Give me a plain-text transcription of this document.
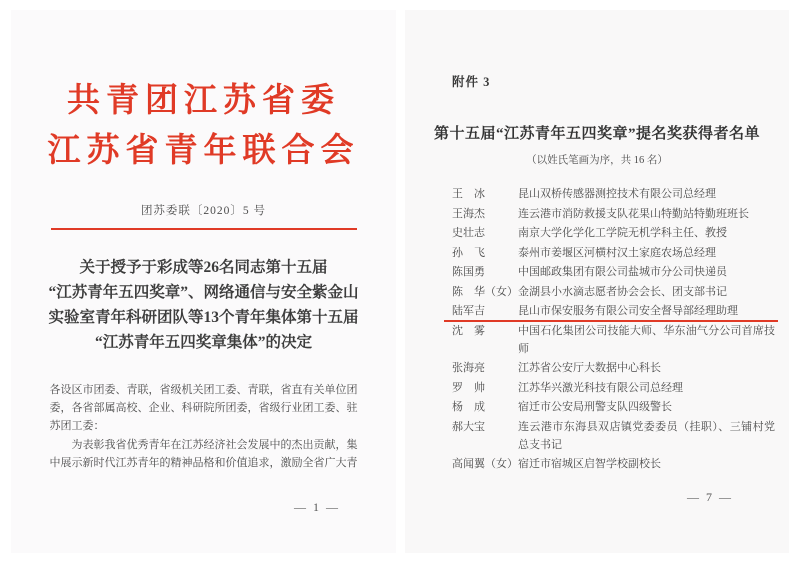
共青团江苏省委
江苏省青年联合会
团苏委联〔2020〕5 号
关于授予于彩成等26名同志第十五届
“江苏青年五四奖章”、网络通信与安全紫金山
实验室青年科研团队等13个青年集体第十五届
“江苏青年五四奖章集体”的决定

各设区市团委、青联，省级机关团工委、青联，省直有关单位团委，各省部属高校、企业、科研院所团委，省级行业团工委、驻苏团工委：

为表彰我省优秀青年在江苏经济社会发展中的杰出贡献，集中展示新时代江苏青年的精神品格和价值追求，激励全省广大青

— 1 —
附件 3
第十五届“江苏青年五四奖章”提名奖获得者名单
（以姓氏笔画为序，共 16 名）
王　冰	昆山双桥传感器测控技术有限公司总经理
王海杰	连云港市消防救援支队花果山特勤站特勤班班长
史壮志	南京大学化学化工学院无机学科主任、教授
孙　飞	泰州市姜堰区河横村汉土家庭农场总经理
陈国勇	中国邮政集团有限公司盐城市分公司快递员
陈　华（女） 金湖县小水滴志愿者协会会长、团支部书记
陆军吉	昆山市保安服务有限公司安全督导部经理助理
沈　雾	中国石化集团公司技能大师、华东油气分公司首席技师
张海亮	江苏省公安厅大数据中心科长
罗　帅	江苏华兴激光科技有限公司总经理
杨　成	宿迁市公安局刑警支队四级警长
郝大宝	连云港市东海县双店镇党委委员（挂职）、三铺村党总支书记
高闻翼（女） 宿迁市宿城区启智学校副校长
— 7 —
